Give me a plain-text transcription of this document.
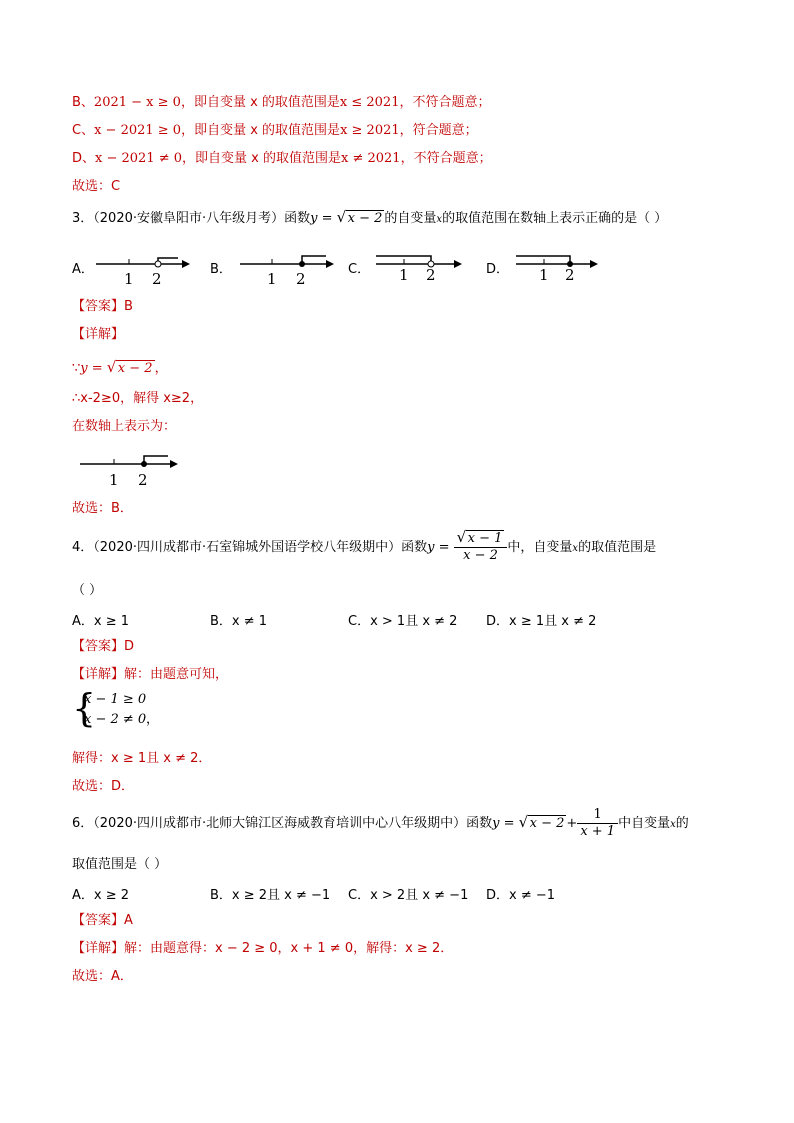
B、2021 − x ≥ 0，即自变量 x 的取值范围是x ≤ 2021，不符合题意；
C、x − 2021 ≥ 0，即自变量 x 的取值范围是x ≥ 2021，符合题意；
D、x − 2021 ≠ 0，即自变量 x 的取值范围是x ≠ 2021，不符合题意；
故选：C
3．（2020·安徽阜阳市·八年级月考）函数y = √ x − 2 的自变量x的取值范围在数轴上表示正确的是（ ）
A．
1 2
B．
1 2
C． 1 2	D． 1 2
【答案】B
【详解】
∵y = √ x − 2 ，
∴x-2≥0，解得 x≥2，
在数轴上表示为：
1 2
故选：B．
4．（2020·四川成都市·石室锦城外国语学校八年级期中）函数y = √ $\frac{x - 1}{x - 2}$ 中，自变量x的取值范围是
（ ）
A．x ≥ 1	B．x ≠ 1	C．x > 1且 x ≠ 2 D．x ≥ 1且 x ≠ 2
【答案】D
【详解】解：由题意可知，
{
x − 1 ≥ 0
x − 2 ≠ 0 ，
解得：x ≥ 1且 x ≠ 2．
故选：D．
6．（2020·四川成都市·北师大锦江区海威教育培训中心八年级期中）函数y = √ $x - 2 + \frac{1}{x + 1}$ 中自变量x的
取值范围是（ ）
A．x ≥ 2	B．x ≥ 2且 x ≠ −1 C．x > 2且 x ≠ −1 D．x ≠ −1
【答案】A
【详解】解：由题意得：x − 2 ≥ 0，x + 1 ≠ 0，解得：x ≥ 2．
故选：A．
